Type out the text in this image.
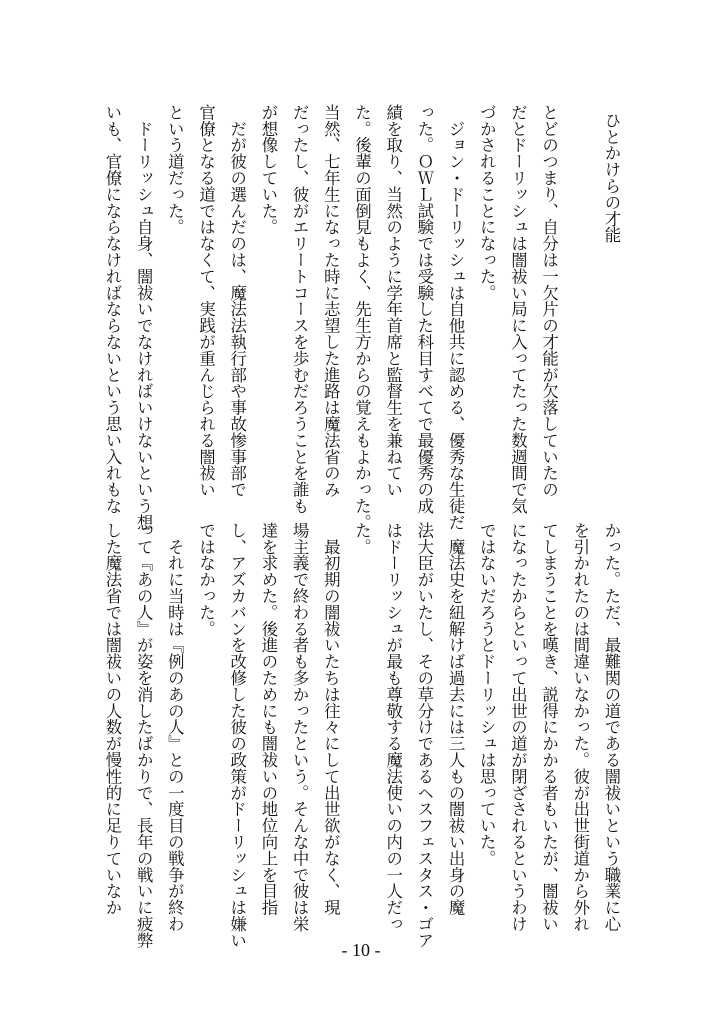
ひとかけらの才能
とどのつまり、自分は一欠片の才能が欠落していたの
だとドーリッシュは闇祓い局に入ってたった数週間で気
づかされることになった。
　ジョン・ドーリッシュは自他共に認める、優秀な生徒だ
った。ＯＷＬ試験では受験した科目すべてで最優秀の成
績を取り、当然のように学年首席と監督生を兼ねてい
た。後輩の面倒見もよく、先生方からの覚えもよかった。
当然、七年生になった時に志望した進路は魔法省のみ
だったし、彼がエリートコースを歩むだろうことを誰も
が想像していた。
　だが彼の選んだのは、魔法法執行部や事故惨事部で
官僚となる道ではなくて、実践が重んじられる闇祓い
という道だった。
　ドーリッシュ自身、闇祓いでなければいけないという想
いも、官僚にならなければならないという思い入れもな
かった。ただ、最難関の道である闇祓いという職業に心
を引かれたのは間違いなかった。彼が出世街道から外れ
てしまうことを嘆き、説得にかかる者もいたが、闇祓い
になったからといって出世の道が閉ざされるというわけ
ではないだろうとドーリッシュは思っていた。
　魔法史を紐解けば過去には三人もの闇祓い出身の魔
法大臣がいたし、その草分けであるヘスフェスタス・ゴア
はドーリッシュが最も尊敬する魔法使いの内の一人だっ
た。
　最初期の闇祓いたちは往々にして出世欲がなく、現
場主義で終わる者も多かったという。そんな中で彼は栄
達を求めた。後進のためにも闇祓いの地位向上を目指
し、アズカバンを改修した彼の政策がドーリッシュは嫌い
ではなかった。
　それに当時は『例のあの人』との一度目の戦争が終わ
って『あの人』が姿を消したばかりで、長年の戦いに疲弊
した魔法省では闇祓いの人数が慢性的に足りていなか
- 10 -
